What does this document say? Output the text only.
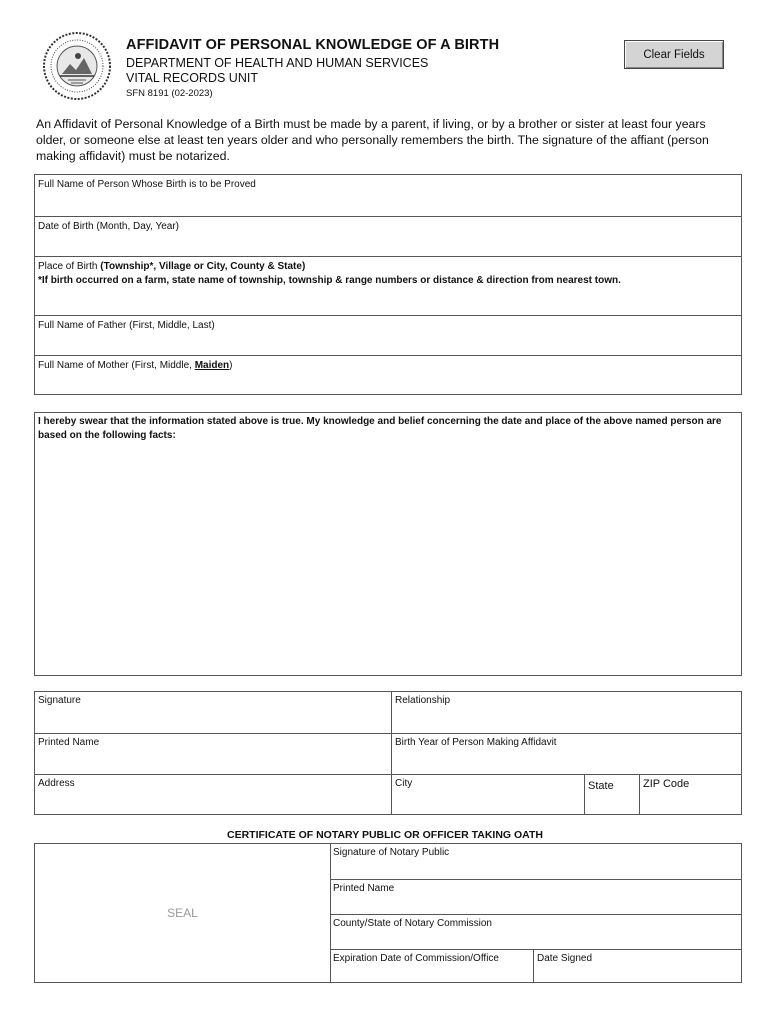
AFFIDAVIT OF PERSONAL KNOWLEDGE OF A BIRTH
DEPARTMENT OF HEALTH AND HUMAN SERVICES
VITAL RECORDS UNIT
SFN 8191 (02-2023)
Clear Fields
An Affidavit of Personal Knowledge of a Birth must be made by a parent, if living, or by a brother or sister at least four years older, or someone else at least ten years older and who personally remembers the birth. The signature of the affiant (person making affidavit) must be notarized.
Full Name of Person Whose Birth is to be Proved
Date of Birth (Month, Day, Year)
Place of Birth (Township*, Village or City, County & State)
*If birth occurred on a farm, state name of township, township & range numbers or distance & direction from nearest town.
Full Name of Father (First, Middle, Last)
Full Name of Mother (First, Middle, Maiden)
I hereby swear that the information stated above is true. My knowledge and belief concerning the date and place of the above named person are based on the following facts:
Signature	Relationship
Printed Name	Birth Year of Person Making Affidavit
Address	City	State	ZIP Code
CERTIFICATE OF NOTARY PUBLIC OR OFFICER TAKING OATH
SEAL
Signature of Notary Public
Printed Name
County/State of Notary Commission
Expiration Date of Commission/Office	Date Signed
